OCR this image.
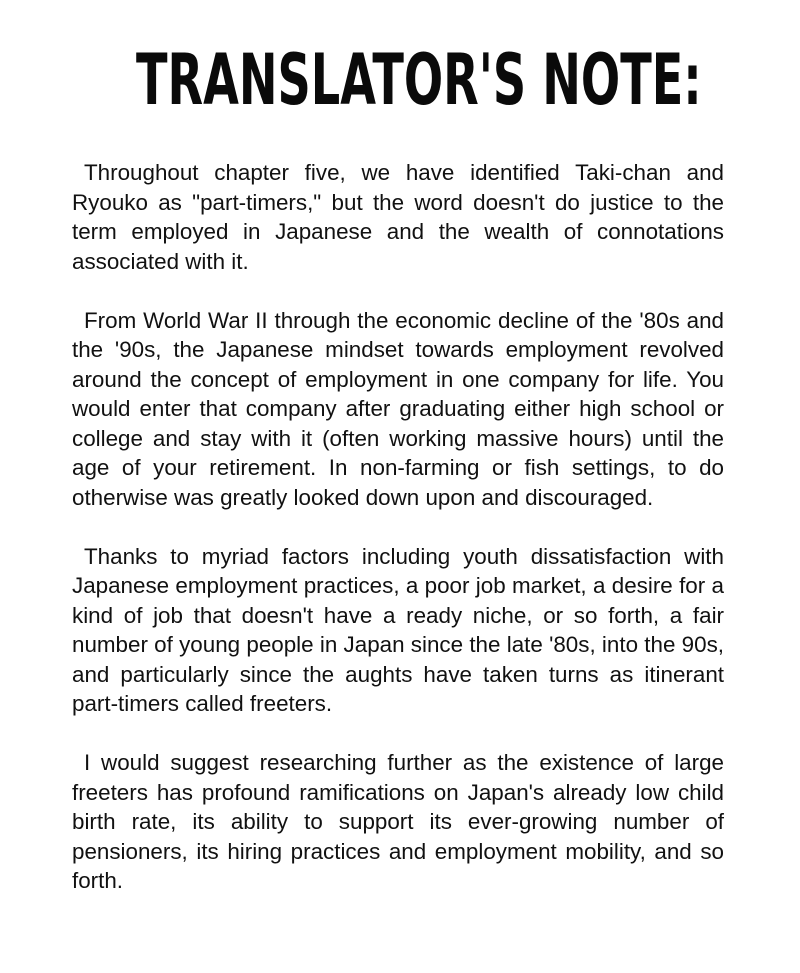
TRANSLATOR'S NOTE:

Throughout chapter five, we have identified Taki-chan and Ryouko as "part-timers," but the word doesn't do justice to the term employed in Japanese and the wealth of connotations associated with it.

From World War II through the economic decline of the '80s and the '90s, the Japanese mindset towards employment revolved around the concept of employment in one company for life. You would enter that company after graduating either high school or college and stay with it (often working massive hours) until the age of your retirement. In non-farming or fish settings, to do otherwise was greatly looked down upon and discouraged.

Thanks to myriad factors including youth dissatisfaction with Japanese employment practices, a poor job market, a desire for a kind of job that doesn't have a ready niche, or so forth, a fair number of young people in Japan since the late '80s, into the 90s, and particularly since the aughts have taken turns as itinerant part-timers called freeters.

I would suggest researching further as the existence of large freeters has profound ramifications on Japan's already low child birth rate, its ability to support its ever-growing number of pensioners, its hiring practices and employment mobility, and so forth.
